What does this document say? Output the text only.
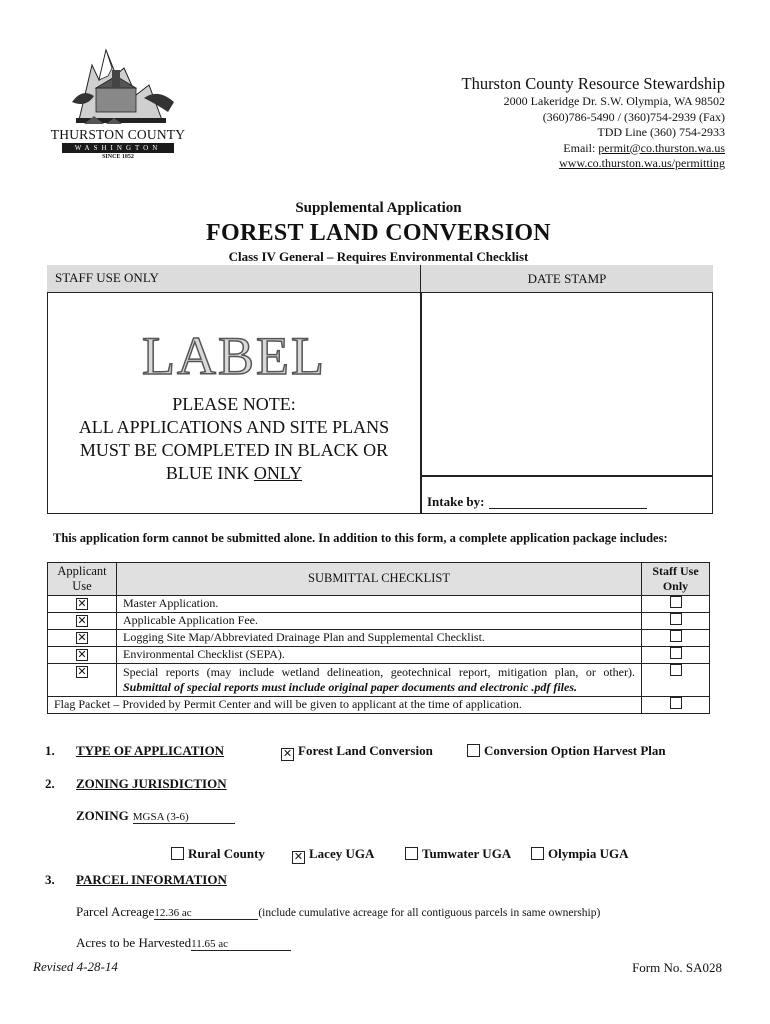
THURSTON COUNTY
WASHINGTON
SINCE 1852
Thurston County Resource Stewardship
2000 Lakeridge Dr. S.W. Olympia, WA 98502
(360)786-5490 / (360)754-2939 (Fax)
TDD Line (360) 754-2933
Email: permit@co.thurston.wa.us
www.co.thurston.wa.us/permitting
Supplemental Application
FOREST LAND CONVERSION
Class IV General – Requires Environmental Checklist
STAFF USE ONLY	DATE STAMP
LABEL
PLEASE NOTE:
ALL APPLICATIONS AND SITE PLANS
MUST BE COMPLETED IN BLACK OR
BLUE INK ONLY
Intake by:
This application form cannot be submitted alone. In addition to this form, a complete application package includes:
Applicant Use	SUBMITTAL CHECKLIST	Staff Use Only
✕	Master Application.	
✕	Applicable Application Fee.	
✕	Logging Site Map/Abbreviated Drainage Plan and Supplemental Checklist.	
✕	Environmental Checklist (SEPA).	
✕	Special reports (may include wetland delineation, geotechnical report, mitigation plan, or other). Submittal of special reports must include original paper documents and electronic .pdf files.	
Flag Packet – Provided by Permit Center and will be given to applicant at the time of application.		
1. TYPE OF APPLICATION	✕ Forest Land Conversion	Conversion Option Harvest Plan
2. ZONING JURISDICTION
ZONING MGSA (3-6)
Rural County	✕ Lacey UGA	Tumwater UGA	Olympia UGA
3. PARCEL INFORMATION
Parcel Acreage12.36 ac	(include cumulative acreage for all contiguous parcels in same ownership)
Acres to be Harvested11.65 ac
Revised 4-28-14	Form No. SA028
